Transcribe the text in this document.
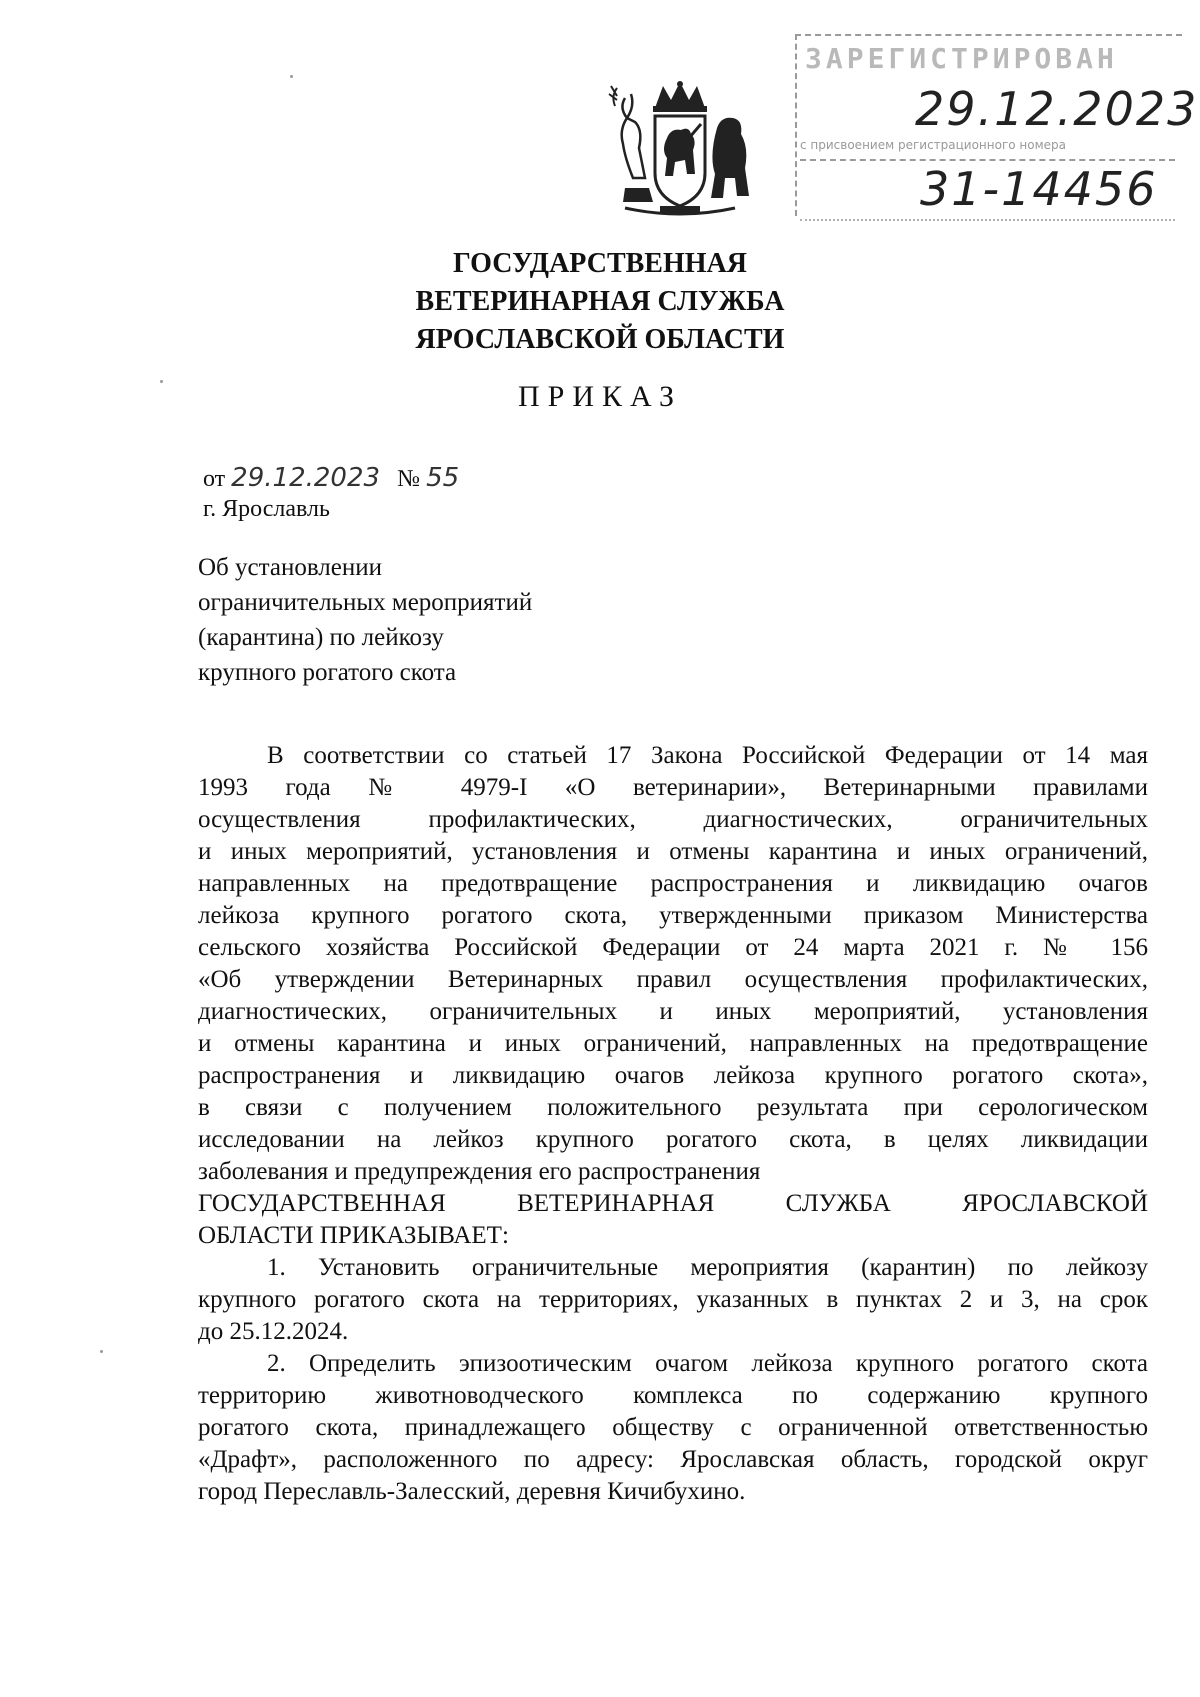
ЗАРЕГИСТРИРОВАН
29.12.2023
с присвоением регистрационного номера
31-14456
ГОСУДАРСТВЕННАЯ
ВЕТЕРИНАРНАЯ СЛУЖБА
ЯРОСЛАВСКОЙ ОБЛАСТИ
ПРИКАЗ
от 29.12.2023 № 55
г. Ярославль
Об установлении
ограничительных мероприятий
(карантина) по лейкозу
крупного рогатого скота
В соответствии со статьей 17 Закона Российской Федерации от 14 мая
1993 года № 4979-I «О ветеринарии», Ветеринарными правилами
осуществления профилактических, диагностических, ограничительных
и иных мероприятий, установления и отмены карантина и иных ограничений,
направленных на предотвращение распространения и ликвидацию очагов
лейкоза крупного рогатого скота, утвержденными приказом Министерства
сельского хозяйства Российской Федерации от 24 марта 2021 г. № 156
«Об утверждении Ветеринарных правил осуществления профилактических,
диагностических, ограничительных и иных мероприятий, установления
и отмены карантина и иных ограничений, направленных на предотвращение
распространения и ликвидацию очагов лейкоза крупного рогатого скота»,
в связи с получением положительного результата при серологическом
исследовании на лейкоз крупного рогатого скота, в целях ликвидации
заболевания и предупреждения его распространения
ГОСУДАРСТВЕННАЯ ВЕТЕРИНАРНАЯ СЛУЖБА ЯРОСЛАВСКОЙ
ОБЛАСТИ ПРИКАЗЫВАЕТ:
1. Установить ограничительные мероприятия (карантин) по лейкозу
крупного рогатого скота на территориях, указанных в пунктах 2 и 3, на срок
до 25.12.2024.
2. Определить эпизоотическим очагом лейкоза крупного рогатого скота
территорию животноводческого комплекса по содержанию крупного
рогатого скота, принадлежащего обществу с ограниченной ответственностью
«Драфт», расположенного по адресу: Ярославская область, городской округ
город Переславль-Залесский, деревня Кичибухино.
